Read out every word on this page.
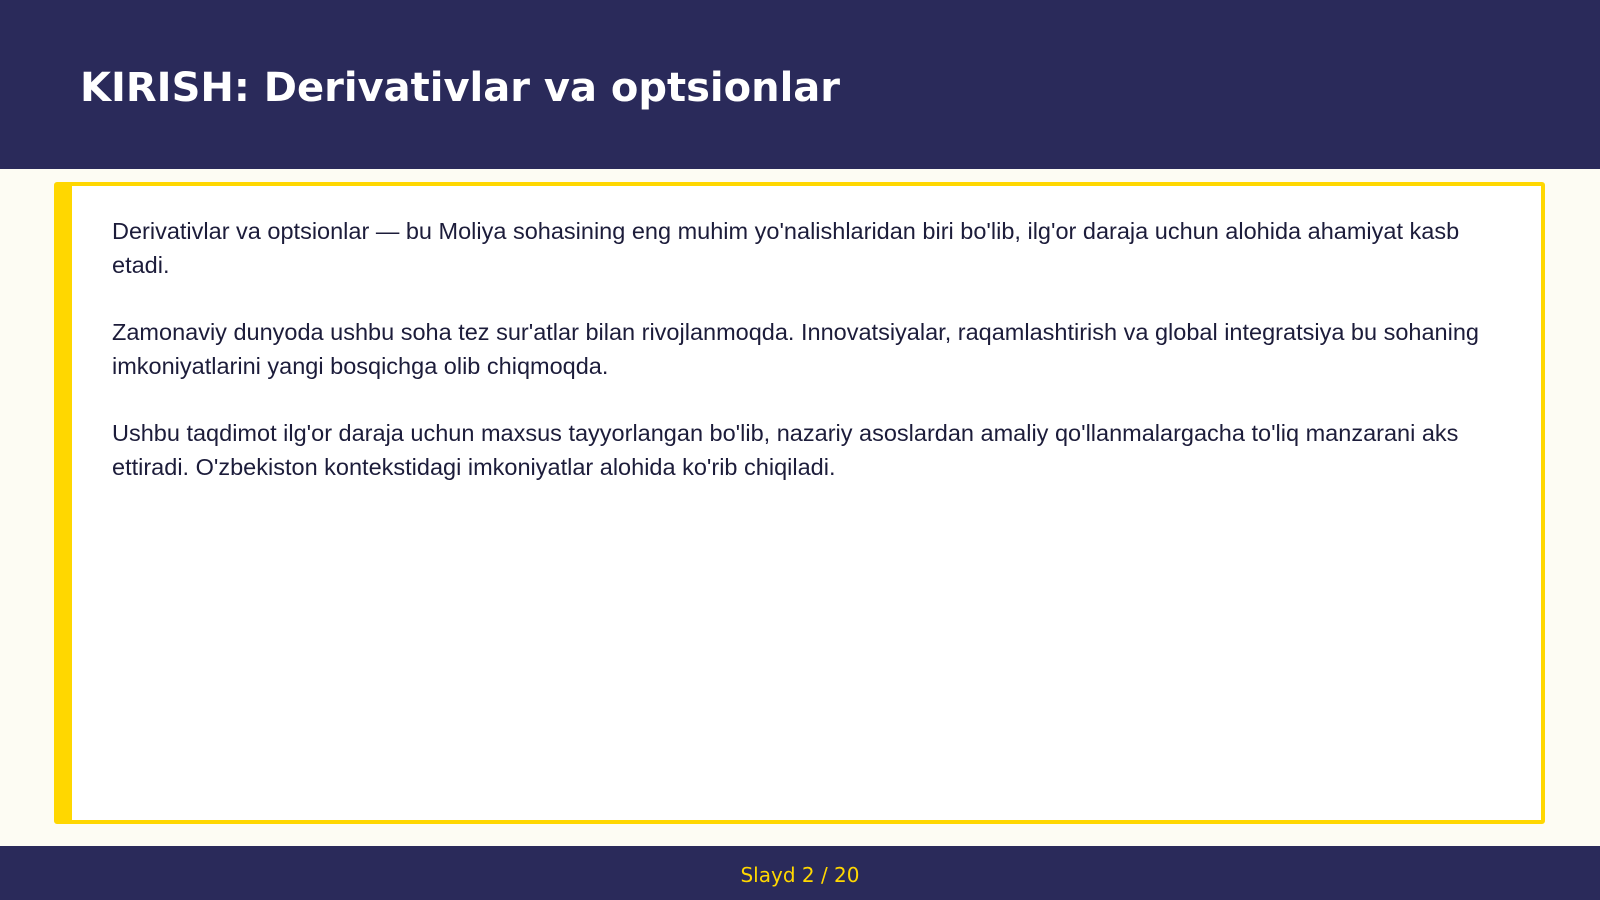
KIRISH: Derivativlar va optsionlar

Derivativlar va optsionlar — bu Moliya sohasining eng muhim yo'nalishlaridan biri bo'lib, ilg'or daraja uchun alohida ahamiyat kasb etadi.

Zamonaviy dunyoda ushbu soha tez sur'atlar bilan rivojlanmoqda. Innovatsiyalar, raqamlashtirish va global integratsiya bu sohaning imkoniyatlarini yangi bosqichga olib chiqmoqda.

Ushbu taqdimot ilg'or daraja uchun maxsus tayyorlangan bo'lib, nazariy asoslardan amaliy qo'llanmalargacha to'liq manzarani aks ettiradi. O'zbekiston kontekstidagi imkoniyatlar alohida ko'rib chiqiladi.

Slayd 2 / 20
